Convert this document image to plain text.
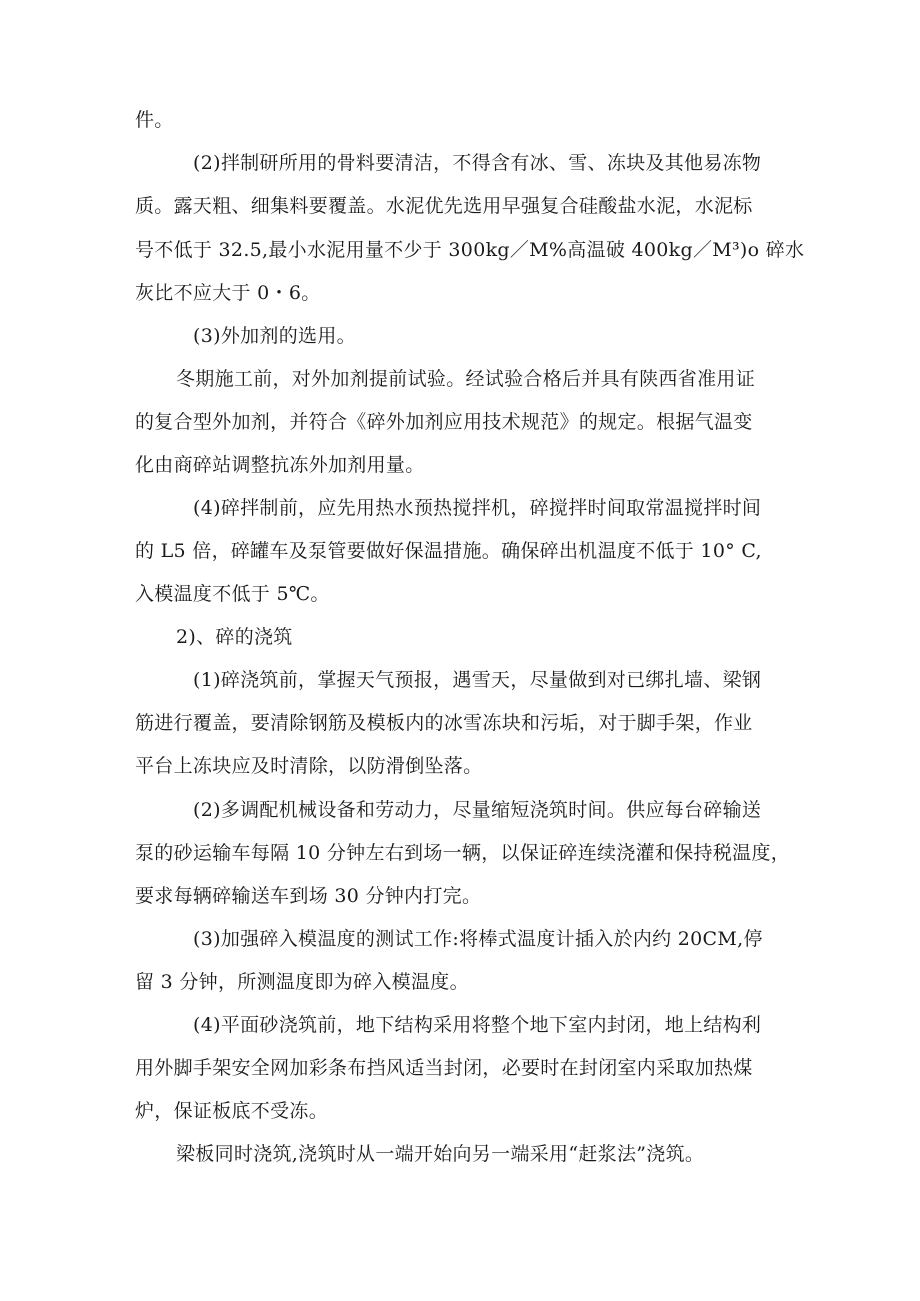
件。
(2)拌制研所用的骨料要清洁，不得含有冰、雪、冻块及其他易冻物
质。露天粗、细集料要覆盖。水泥优先选用早强复合硅酸盐水泥，水泥标
号不低于 32.5,最小水泥用量不少于 300kg／M%高温破 400kg／M³)o 碎水
灰比不应大于 0・6。
(3)外加剂的选用。
冬期施工前，对外加剂提前试验。经试验合格后并具有陕西省准用证
的复合型外加剂，并符合《碎外加剂应用技术规范》的规定。根据气温变
化由商碎站调整抗冻外加剂用量。
(4)碎拌制前，应先用热水预热搅拌机，碎搅拌时间取常温搅拌时间
的 L5 倍，碎罐车及泵管要做好保温措施。确保碎出机温度不低于 10° C,
入模温度不低于 5℃。
2)、碎的浇筑
(1)碎浇筑前，掌握天气预报，遇雪天，尽量做到对已绑扎墙、梁钢
筋进行覆盖，要清除钢筋及模板内的冰雪冻块和污垢，对于脚手架，作业
平台上冻块应及时清除，以防滑倒坠落。
(2)多调配机械设备和劳动力，尽量缩短浇筑时间。供应每台碎输送
泵的砂运输车每隔 10 分钟左右到场一辆，以保证碎连续浇灌和保持税温度，
要求每辆碎输送车到场 30 分钟内打完。
(3)加强碎入模温度的测试工作:将棒式温度计插入於内约 20CM,停
留 3 分钟，所测温度即为碎入模温度。
(4)平面砂浇筑前，地下结构采用将整个地下室内封闭，地上结构利
用外脚手架安全网加彩条布挡风适当封闭，必要时在封闭室内采取加热煤
炉，保证板底不受冻。
梁板同时浇筑,浇筑时从一端开始向另一端采用“赶浆法”浇筑。
